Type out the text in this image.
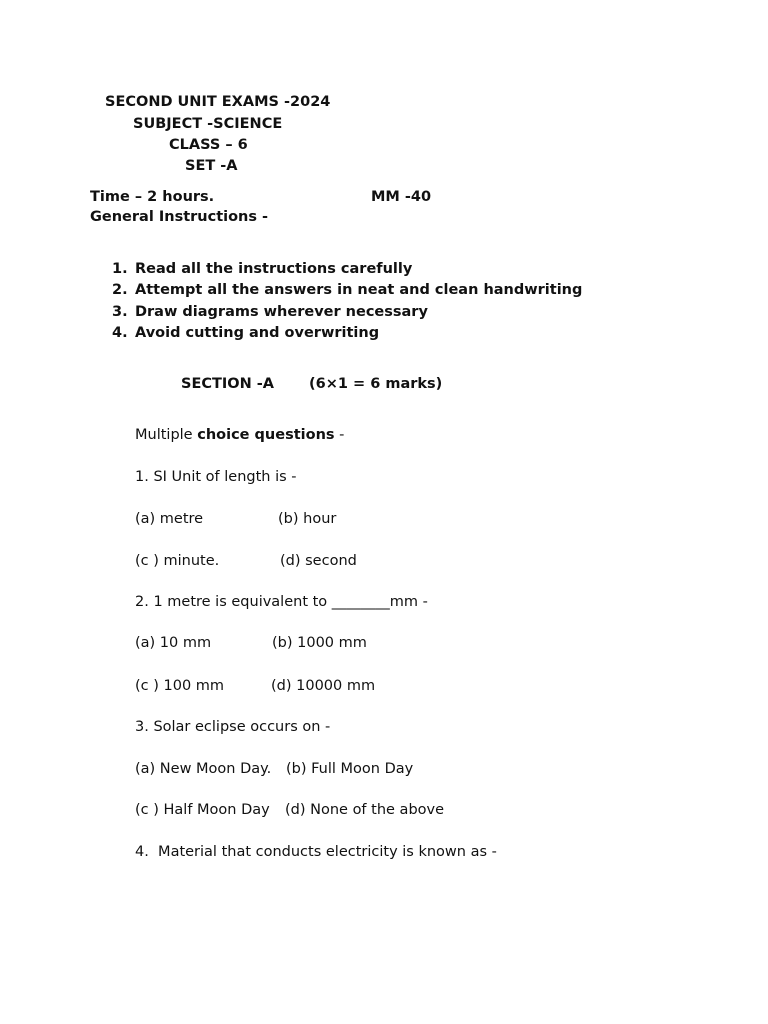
SECOND UNIT EXAMS -2024
SUBJECT -SCIENCE
CLASS – 6
SET -A
Time – 2 hours.	MM -40
General Instructions -
1. Read all the instructions carefully
2. Attempt all the answers in neat and clean handwriting
3. Draw diagrams wherever necessary
4. Avoid cutting and overwriting
SECTION -A (6×1 = 6 marks)
Multiple choice questions -
1. SI Unit of length is -
(a) metre	(b) hour
(c ) minute.	(d) second
2. 1 metre is equivalent to ________mm -
(a) 10 mm	(b) 1000 mm
(c ) 100 mm	(d) 10000 mm
3. Solar eclipse occurs on -
(a) New Moon Day. (b) Full Moon Day
(c ) Half Moon Day (d) None of the above
4.  Material that conducts electricity is known as -
